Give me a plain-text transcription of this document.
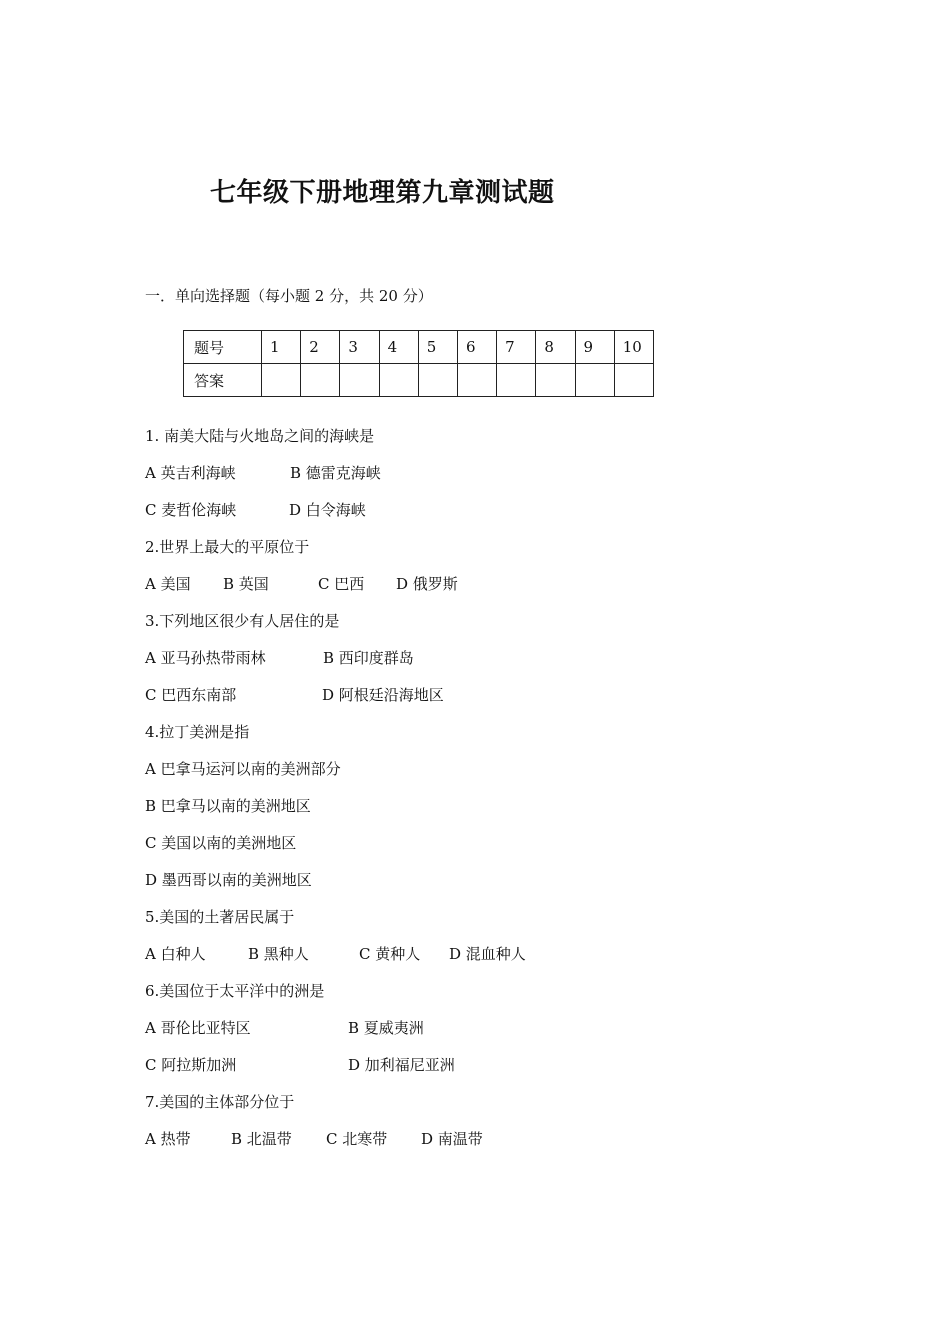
七年级下册地理第九章测试题
一．单向选择题（每小题 2 分，共 20 分）
题号	1	2	3	4	5	6	7	8	9	10
答案										
1. 南美大陆与火地岛之间的海峡是
A 英吉利海峡	B 德雷克海峡
C 麦哲伦海峡	D 白令海峡
2.世界上最大的平原位于
A 美国 B 英国	C 巴西 D 俄罗斯
3.下列地区很少有人居住的是
A 亚马孙热带雨林	B 西印度群岛
C 巴西东南部	D 阿根廷沿海地区
4.拉丁美洲是指
A 巴拿马运河以南的美洲部分
B 巴拿马以南的美洲地区
C 美国以南的美洲地区
D 墨西哥以南的美洲地区
5.美国的土著居民属于
A 白种人	B 黑种人	C 黄种人 D 混血种人
6.美国位于太平洋中的洲是
A 哥伦比亚特区	B 夏威夷洲
C 阿拉斯加洲	D 加利福尼亚洲
7.美国的主体部分位于
A 热带	B 北温带 C 北寒带 D 南温带
